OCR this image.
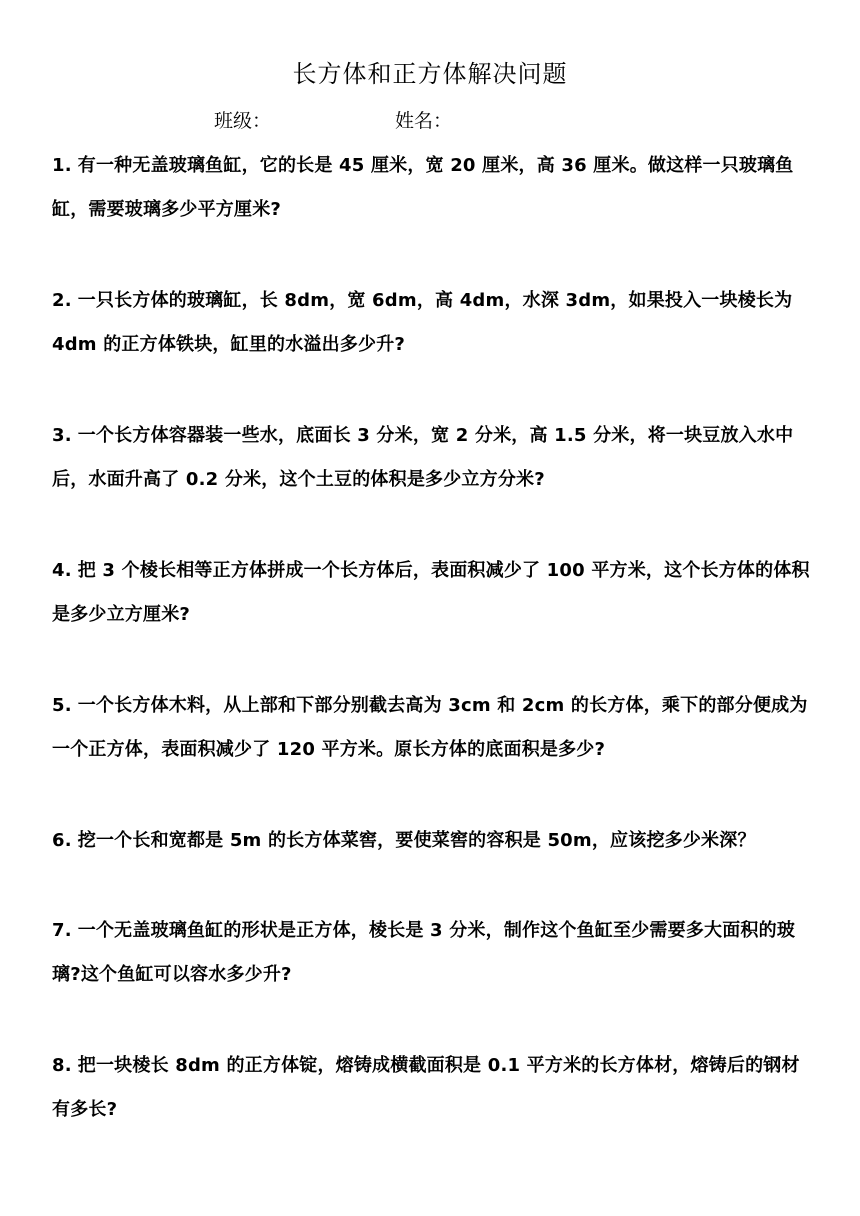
长方体和正方体解决问题
班级：	姓名：
1. 有一种无盖玻璃鱼缸，它的长是 45 厘米，宽 20 厘米，高 36 厘米。做这样一只玻璃鱼缸，需要玻璃多少平方厘米?
2. 一只长方体的玻璃缸，长 8dm，宽 6dm，高 4dm，水深 3dm，如果投入一块棱长为 4dm 的正方体铁块，缸里的水溢出多少升?
3. 一个长方体容器装一些水，底面长 3 分米，宽 2 分米，高 1.5 分米，将一块豆放入水中后，水面升高了 0.2 分米，这个土豆的体积是多少立方分米?
4. 把 3 个棱长相等正方体拼成一个长方体后，表面积减少了 100 平方米，这个长方体的体积是多少立方厘米?
5. 一个长方体木料，从上部和下部分别截去高为 3cm 和 2cm 的长方体，乘下的部分便成为一个正方体，表面积减少了 120 平方米。原长方体的底面积是多少?
6. 挖一个长和宽都是 5m 的长方体菜窖，要使菜窖的容积是 50m，应该挖多少米深？
7. 一个无盖玻璃鱼缸的形状是正方体，棱长是 3 分米，制作这个鱼缸至少需要多大面积的玻璃?这个鱼缸可以容水多少升?
8. 把一块棱长 8dm 的正方体锭，熔铸成横截面积是 0.1 平方米的长方体材，熔铸后的钢材有多长?
